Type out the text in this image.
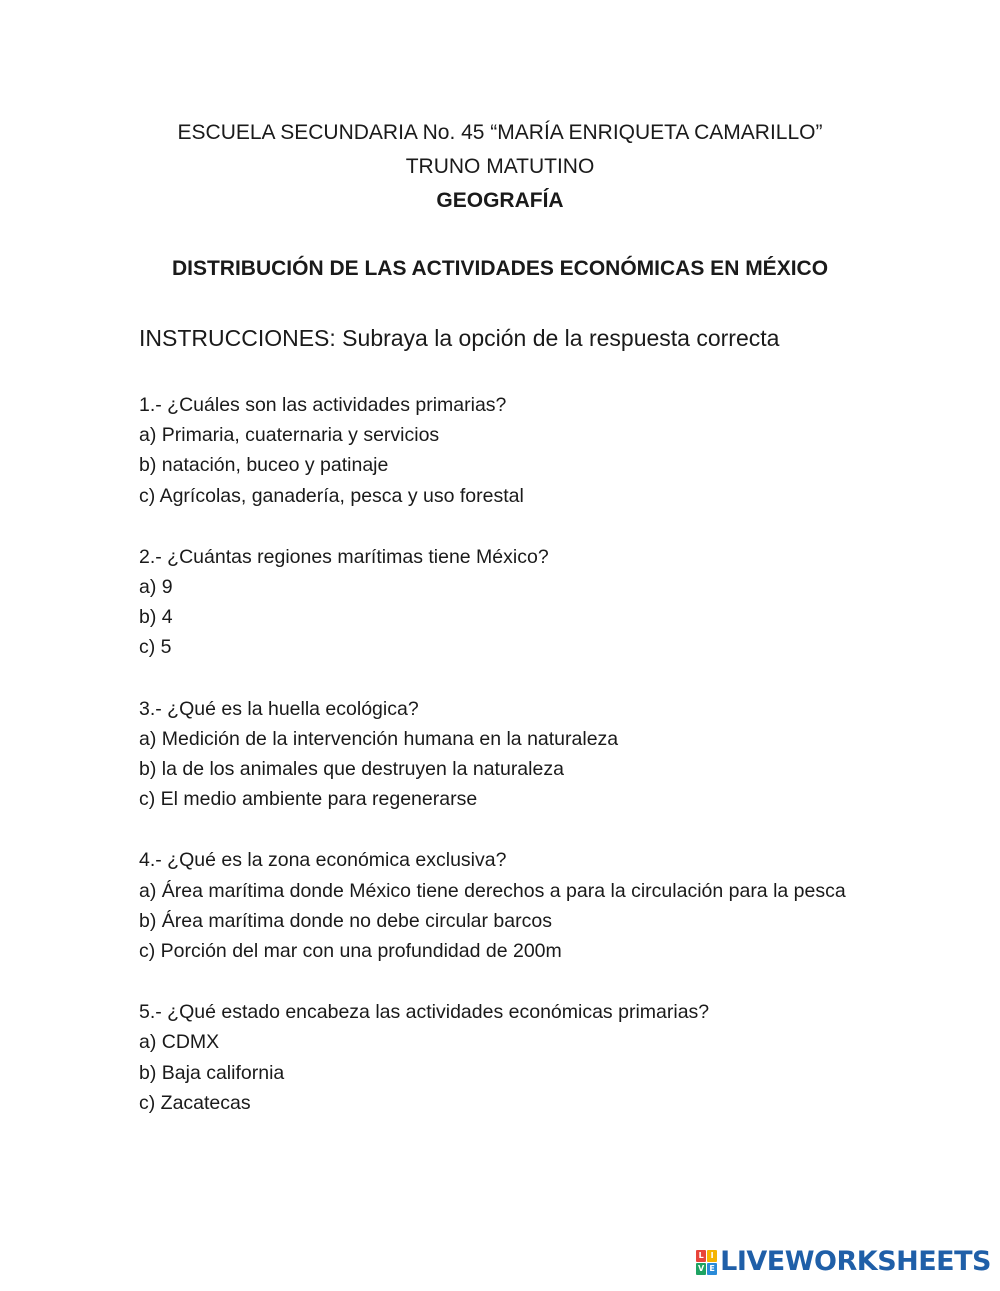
ESCUELA SECUNDARIA No. 45 “MARÍA ENRIQUETA CAMARILLO”
TRUNO MATUTINO
GEOGRAFÍA
DISTRIBUCIÓN DE LAS ACTIVIDADES ECONÓMICAS EN MÉXICO
INSTRUCCIONES: Subraya la opción de la respuesta correcta
1.- ¿Cuáles son las actividades primarias?
a) Primaria, cuaternaria y servicios
b) natación, buceo y patinaje
c) Agrícolas, ganadería, pesca y uso forestal
2.- ¿Cuántas regiones marítimas tiene México?
a) 9
b) 4
c) 5
3.- ¿Qué es la huella ecológica?
a) Medición de la intervención humana en la naturaleza
b) la de los animales que destruyen la naturaleza
c) El medio ambiente para regenerarse
4.- ¿Qué es la zona económica exclusiva?
a) Área marítima donde México tiene derechos a para la circulación para la pesca
b) Área marítima donde no debe circular barcos
c) Porción del mar con una profundidad de 200m
5.- ¿Qué estado encabeza las actividades económicas primarias?
a) CDMX
b) Baja california
c) Zacatecas
L I
V E LIVEWORKSHEETS
